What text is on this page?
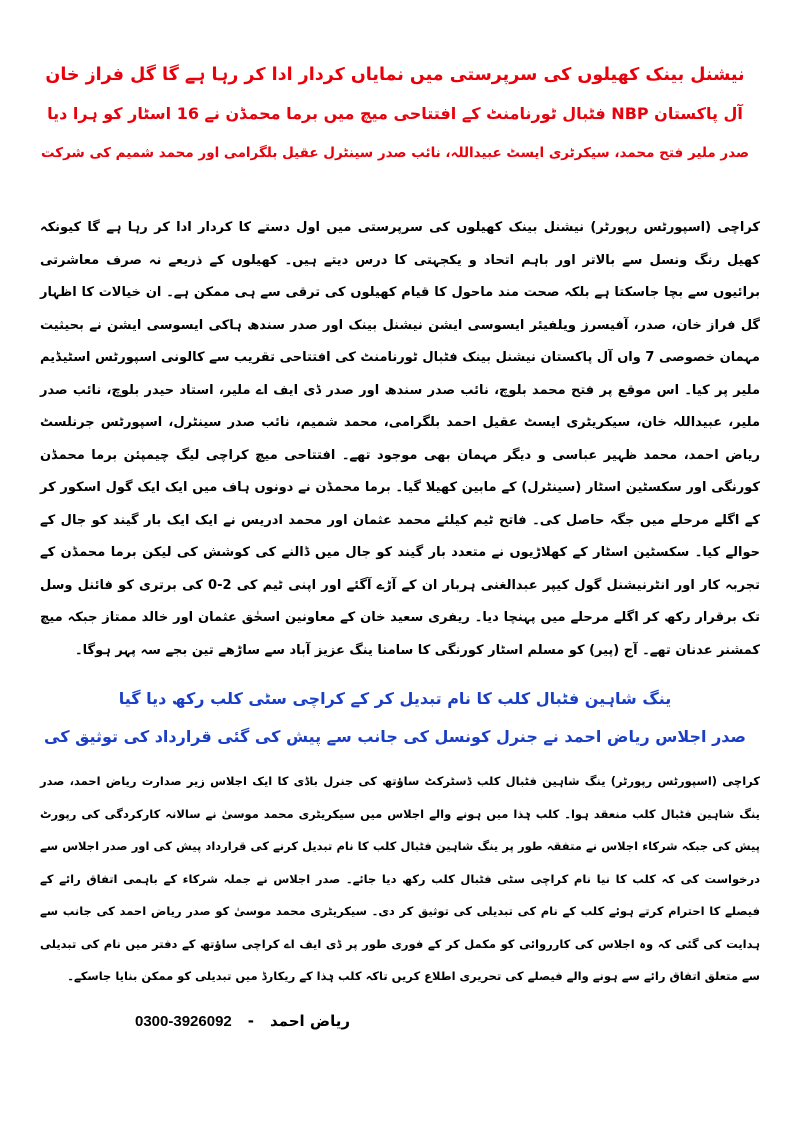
نیشنل بینک کھیلوں کی سرپرستی میں نمایاں کردار ادا کر رہا ہے گا گل فراز خان
آل پاکستان NBP فٹبال ٹورنامنٹ کے افتتاحی میچ میں برما محمڈن نے 16 اسٹار کو ہرا دیا
صدر ملیر فتح محمد، سیکرٹری ایسٹ عبیداللہ، نائب صدر سینٹرل عقیل بلگرامی اور محمد شمیم کی شرکت
کراچی (اسپورٹس رپورٹر) نیشنل بینک کھیلوں کی سرپرستی میں اول دستے کا کردار ادا کر رہا ہے گا کیونکہ کھیل رنگ ونسل سے بالاتر اور باہم اتحاد و یکجہتی کا درس دیتے ہیں۔ کھیلوں کے ذریعے نہ صرف معاشرتی برائیوں سے بچا جاسکتا ہے بلکہ صحت مند ماحول کا قیام کھیلوں کی ترقی سے ہی ممکن ہے۔ ان خیالات کا اظہار گل فراز خان، صدر، آفیسرز ویلفیئر ایسوسی ایشن نیشنل بینک اور صدر سندھ ہاکی ایسوسی ایشن نے بحیثیت مہمان خصوصی 7 واں آل پاکستان نیشنل بینک فٹبال ٹورنامنٹ کی افتتاحی تقریب سے کالونی اسپورٹس اسٹیڈیم ملیر پر کیا۔ اس موقع پر فتح محمد بلوچ، نائب صدر سندھ اور صدر ڈی ایف اے ملیر، استاد حیدر بلوچ، نائب صدر ملیر، عبیداللہ خان، سیکریٹری ایسٹ عقیل احمد بلگرامی، محمد شمیم، نائب صدر سینٹرل، اسپورٹس جرنلسٹ ریاض احمد، محمد ظہیر عباسی و دیگر مہمان بھی موجود تھے۔ افتتاحی میچ کراچی لیگ چیمپئن برما محمڈن کورنگی اور سکسٹین اسٹار (سینٹرل) کے مابین کھیلا گیا۔ برما محمڈن نے دونوں ہاف میں ایک ایک گول اسکور کر کے اگلے مرحلے میں جگہ حاصل کی۔ فاتح ٹیم کیلئے محمد عثمان اور محمد ادریس نے ایک ایک بار گیند کو جال کے حوالے کیا۔ سکسٹین اسٹار کے کھلاڑیوں نے متعدد بار گیند کو جال میں ڈالنے کی کوشش کی لیکن برما محمڈن کے تجربہ کار اور انٹرنیشنل گول کیپر عبدالغنی ہربار ان کے آڑے آگئے اور اپنی ٹیم کی 2-0 کی برتری کو فائنل وسل تک برقرار رکھ کر اگلے مرحلے میں پہنچا دیا۔ ریفری سعید خان کے معاونین اسحٰق عثمان اور خالد ممتاز جبکہ میچ کمشنر عدنان تھے۔ آج (پیر) کو مسلم اسٹار کورنگی کا سامنا ینگ عزیز آباد سے ساڑھے تین بجے سہ پہر ہوگا۔
ینگ شاہین فٹبال کلب کا نام تبدیل کر کے کراچی سٹی کلب رکھ دیا گیا
صدر اجلاس ریاض احمد نے جنرل کونسل کی جانب سے پیش کی گئی قرارداد کی توثیق کی
کراچی (اسپورٹس رپورٹر) ینگ شاہین فٹبال کلب ڈسٹرکٹ ساؤتھ کی جنرل باڈی کا ایک اجلاس زیر صدارت ریاض احمد، صدر ینگ شاہین فٹبال کلب منعقد ہوا۔ کلب ہٰذا میں ہونے والے اجلاس میں سیکریٹری محمد موسیٰ نے سالانہ کارکردگی کی رپورٹ پیش کی جبکہ شرکاء اجلاس نے متفقہ طور پر ینگ شاہین فٹبال کلب کا نام تبدیل کرنے کی قرارداد پیش کی اور صدر اجلاس سے درخواست کی کہ کلب کا نیا نام کراچی سٹی فٹبال کلب رکھ دیا جائے۔ صدر اجلاس نے جملہ شرکاء کے باہمی اتفاق رائے کے فیصلے کا احترام کرتے ہوئے کلب کے نام کی تبدیلی کی توثیق کر دی۔ سیکریٹری محمد موسیٰ کو صدر ریاض احمد کی جانب سے ہدایت کی گئی کہ وہ اجلاس کی کارروائی کو مکمل کر کے فوری طور پر ڈی ایف اے کراچی ساؤتھ کے دفتر میں نام کی تبدیلی سے متعلق اتفاق رائے سے ہونے والے فیصلے کی تحریری اطلاع کریں تاکہ کلب ہٰذا کے ریکارڈ میں تبدیلی کو ممکن بنایا جاسکے۔
0300-3926092 - ریاض احمد
